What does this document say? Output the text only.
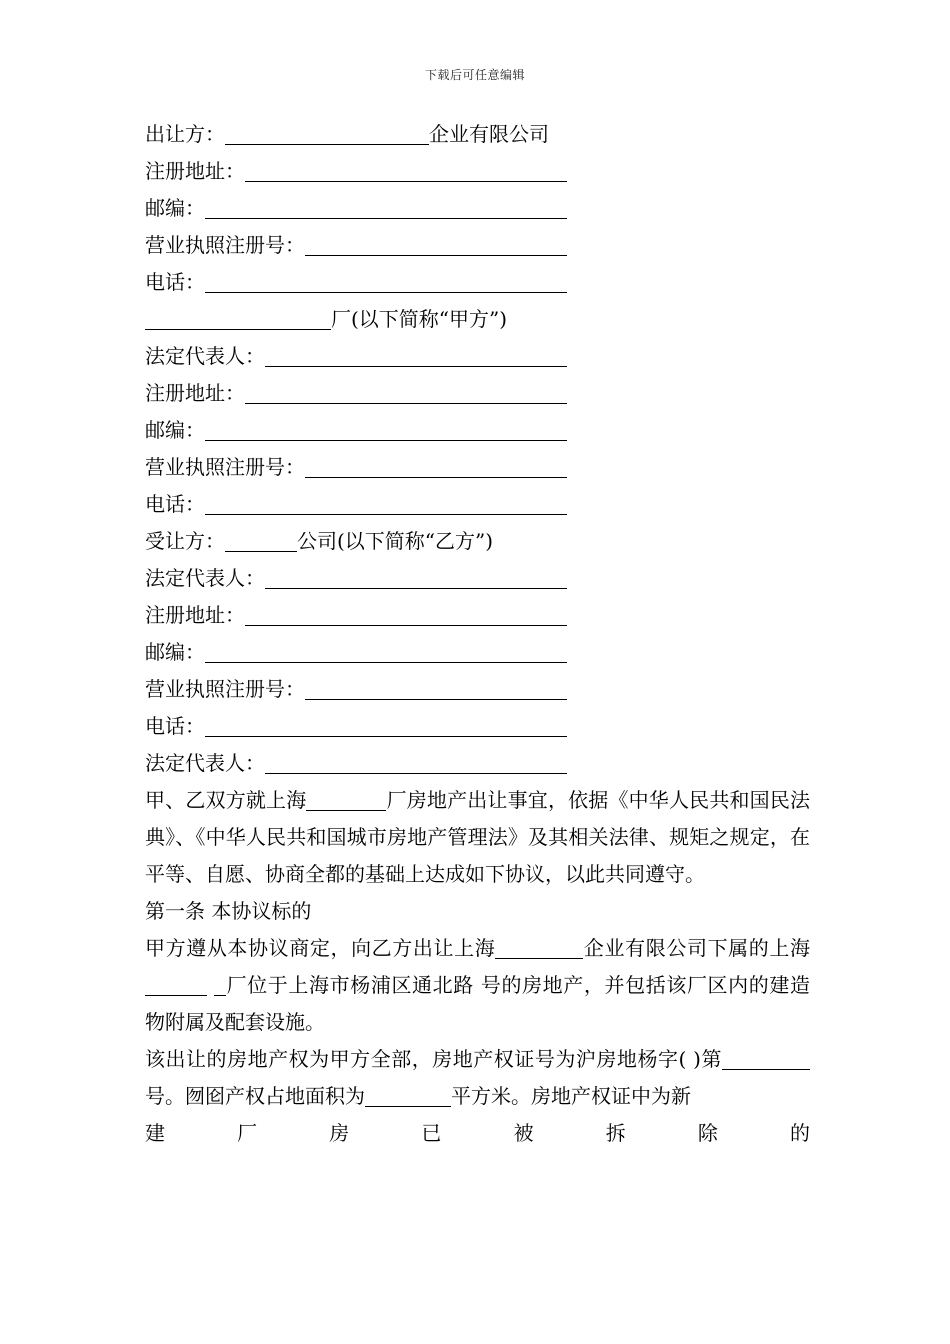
下载后可任意编辑
出让方：	企业有限公司
注册地址：
邮编：
营业执照注册号：
电话：
厂(以下简称“甲方”)
法定代表人：
注册地址：
邮编：
营业执照注册号：
电话：
受让方：	公司(以下简称“乙方”)
法定代表人：
注册地址：
邮编：
营业执照注册号：
电话：
法定代表人：
甲、乙双方就上海	厂房地产出让事宜，依据《中华人民共和国民法典》、《中华人民共和国城市房地产管理法》及其相关法律、规矩之规定，在平等、自愿、协商全都的基础上达成如下协议，以此共同遵守。
第一条 本协议标的
甲方遵从本协议商定，向乙方出让上海	企业有限公司下属的上海 厂位于上海市杨浦区通北路 号的房地产，并包括该厂区内的建造物附属及配套设施。
该出让的房地产权为甲方全部，房地产权证号为沪房地杨字( )第号。囫囵产权占地面积为	平方米。房地产权证中为新
建	厂	房	已	被	拆	除	的
